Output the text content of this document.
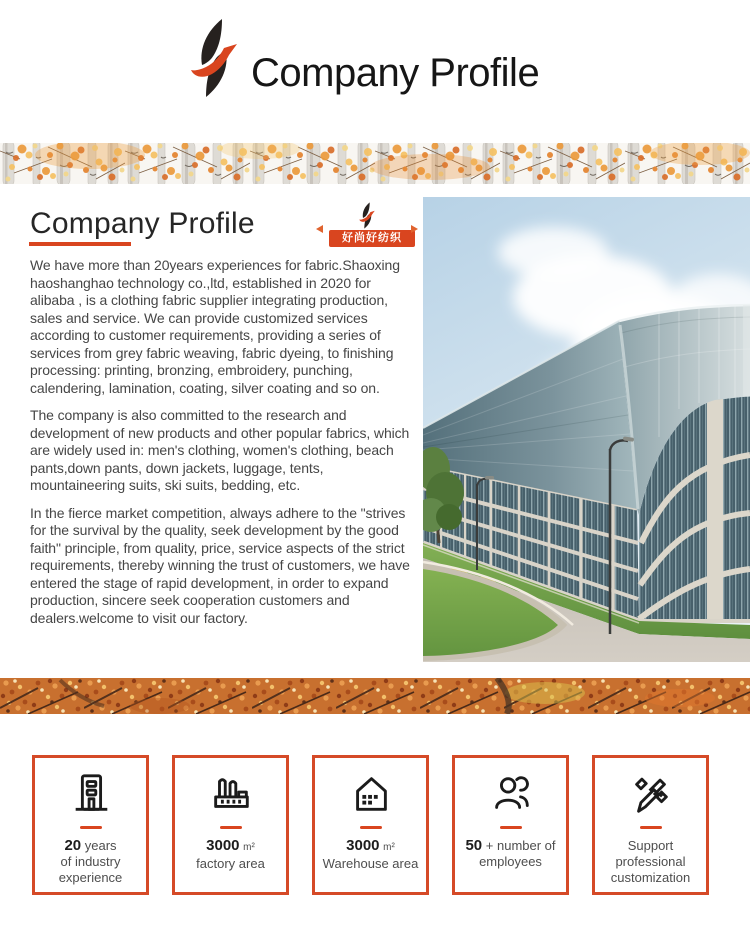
Company Profile
Company Profile	好尚好纺织

We have more than 20years experiences for fabric.Shaoxing haoshanghao technology co.,ltd, established in 2020 for alibaba , is a clothing fabric supplier integrating production, sales and service. We can provide customized services according to customer requirements, providing a series of services from grey fabric weaving, fabric dyeing, to finishing processing: printing, bronzing, embroidery, punching, calendering, lamination, coating, silver coating and so on.

The company is also committed to the research and development of new products and other popular fabrics, which are widely used in: men's clothing, women's clothing, beach pants,down pants, down jackets, luggage, tents, mountaineering suits, ski suits, bedding, etc.

In the fierce market competition, always adhere to the "strives for the survival by the quality, seek development by the good faith" principle, from quality, price, service aspects of the strict requirements, thereby winning the trust of customers, we have entered the stage of rapid development, in order to expand production, sincere seek cooperation customers and dealers.welcome to visit our factory.

20 years
of industry
experience
3000 m²
factory area
3000 m²
Warehouse area
50 + number of
employees
Support
professional
customization
